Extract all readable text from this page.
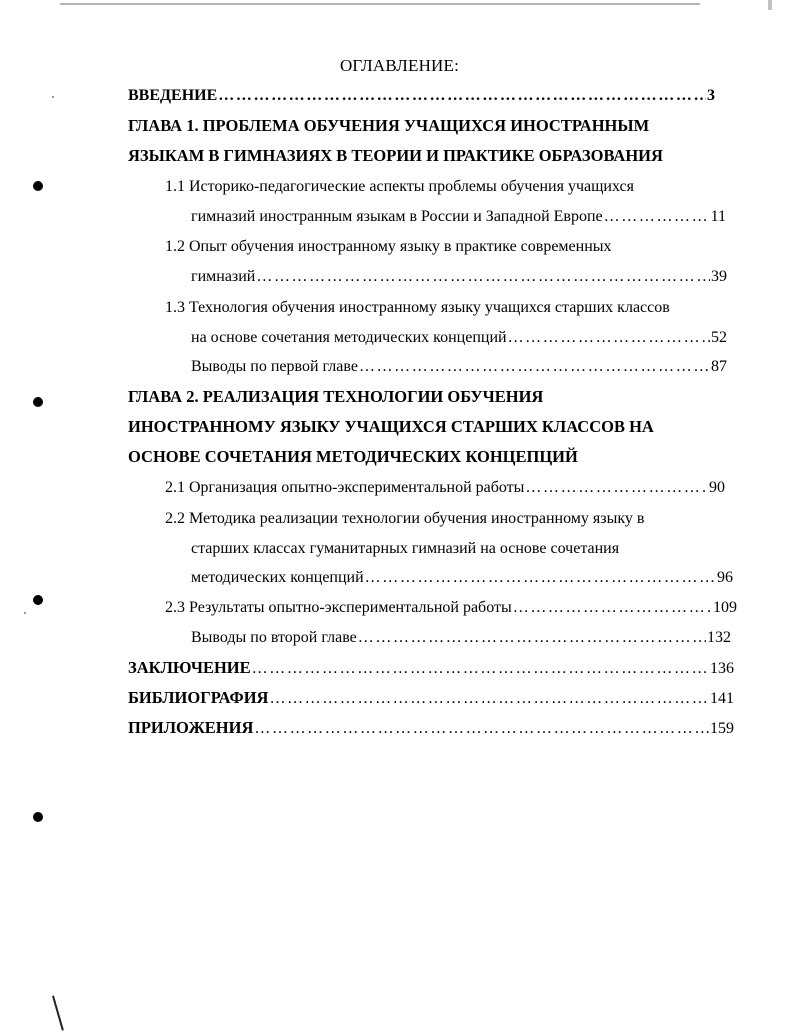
ОГЛАВЛЕНИЕ:
ВВЕДЕНИЕ ……………………………………………………………………………………………………………………………………………………………………………………	3
ГЛАВА 1. ПРОБЛЕМА ОБУЧЕНИЯ УЧАЩИХСЯ ИНОСТРАННЫМ
ЯЗЫКАМ В ГИМНАЗИЯХ В ТЕОРИИ И ПРАКТИКЕ ОБРАЗОВАНИЯ
1.1 Историко-педагогические аспекты проблемы обучения учащихся
гимназий иностранным языкам в России и Западной Европе ……………………………………………………………………………………………………………………………………………………………………………………	11
1.2 Опыт обучения иностранному языку в практике современных
гимназий ……………………………………………………………………………………………………………………………………………………………………………………	39
1.3 Технология обучения иностранному языку учащихся старших классов
на основе сочетания методических концепций ……………………………………………………………………………………………………………………………………………………………………………………	52
Выводы по первой главе ……………………………………………………………………………………………………………………………………………………………………………………	87
ГЛАВА 2. РЕАЛИЗАЦИЯ ТЕХНОЛОГИИ ОБУЧЕНИЯ
ИНОСТРАННОМУ ЯЗЫКУ УЧАЩИХСЯ СТАРШИХ КЛАССОВ НА
ОСНОВЕ СОЧЕТАНИЯ МЕТОДИЧЕСКИХ КОНЦЕПЦИЙ
2.1 Организация опытно-экспериментальной работы ……………………………………………………………………………………………………………………………………………………………………………………	90
2.2 Методика реализации технологии обучения иностранному языку в
старших классах гуманитарных гимназий на основе сочетания
методических концепций ……………………………………………………………………………………………………………………………………………………………………………………	96
2.3 Результаты опытно-экспериментальной работы ……………………………………………………………………………………………………………………………………………………………………………………	109
Выводы по второй главе ……………………………………………………………………………………………………………………………………………………………………………………	132
ЗАКЛЮЧЕНИЕ ……………………………………………………………………………………………………………………………………………………………………………………	136
БИБЛИОГРАФИЯ ……………………………………………………………………………………………………………………………………………………………………………………	141
ПРИЛОЖЕНИЯ ……………………………………………………………………………………………………………………………………………………………………………………	159
